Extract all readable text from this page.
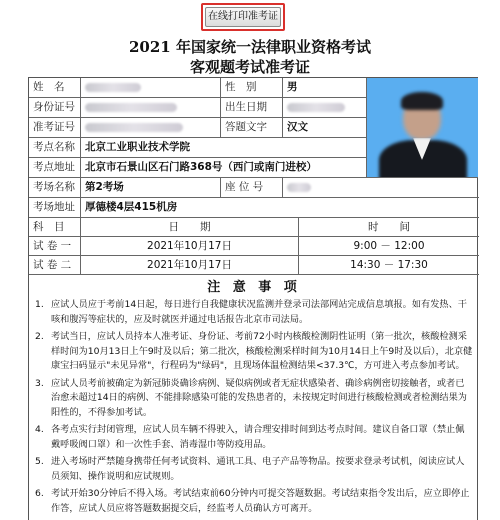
在线打印准考证
2021 年国家统一法律职业资格考试
客观题考试准考证
姓　名	性　别	男
身份证号	出生日期
准考证号	答题文字	汉文
考点名称 北京工业职业技术学院
考点地址 北京市石景山区石门路368号（西门或南门进校）
考场名称 第2考场	座 位 号
考场地址 厚德楼4层415机房
科　目	日　　期	时　　间
试 卷 一	2021年10月17日	9:00 － 12:00
试 卷 二	2021年10月17日	14:30 － 17:30
注 意 事 项
1. 应试人员应于考前14日起，每日进行自我健康状况监测并登录司法部网站完成信息填报。如有发热、干咳和腹泻等症状的，应及时就医并通过电话报告北京市司法局。
2. 考试当日，应试人员持本人准考证、身份证、考前72小时内核酸检测阴性证明（第一批次，核酸检测采样时间为10月13日上午9时及以后；第二批次，核酸检测采样时间为10月14日上午9时及以后），北京健康宝扫码显示"未见异常"，行程码为"绿码"，且现场体温检测结果<37.3℃，方可进入考点参加考试。
3. 应试人员考前被确定为新冠肺炎确诊病例、疑似病例或者无症状感染者、确诊病例密切接触者，或者已治愈未超过14日的病例、不能排除感染可能的发热患者的，未按规定时间进行核酸检测或者检测结果为阳性的，不得参加考试。
4. 各考点实行封闭管理，应试人员车辆不得驶入，请合理安排时间到达考点时间。建议自备口罩（禁止佩戴呼吸阀口罩）和一次性手套、消毒湿巾等防疫用品。
5. 进入考场时严禁随身携带任何考试资料、通讯工具、电子产品等物品。按要求登录考试机，阅读应试人员须知、操作说明和应试规则。
6. 考试开始30分钟后不得入场。考试结束前60分钟内可提交答题数据。考试结束指令发出后，应立即停止作答，应试人员应将答题数据提交后，经监考人员确认方可离开。
